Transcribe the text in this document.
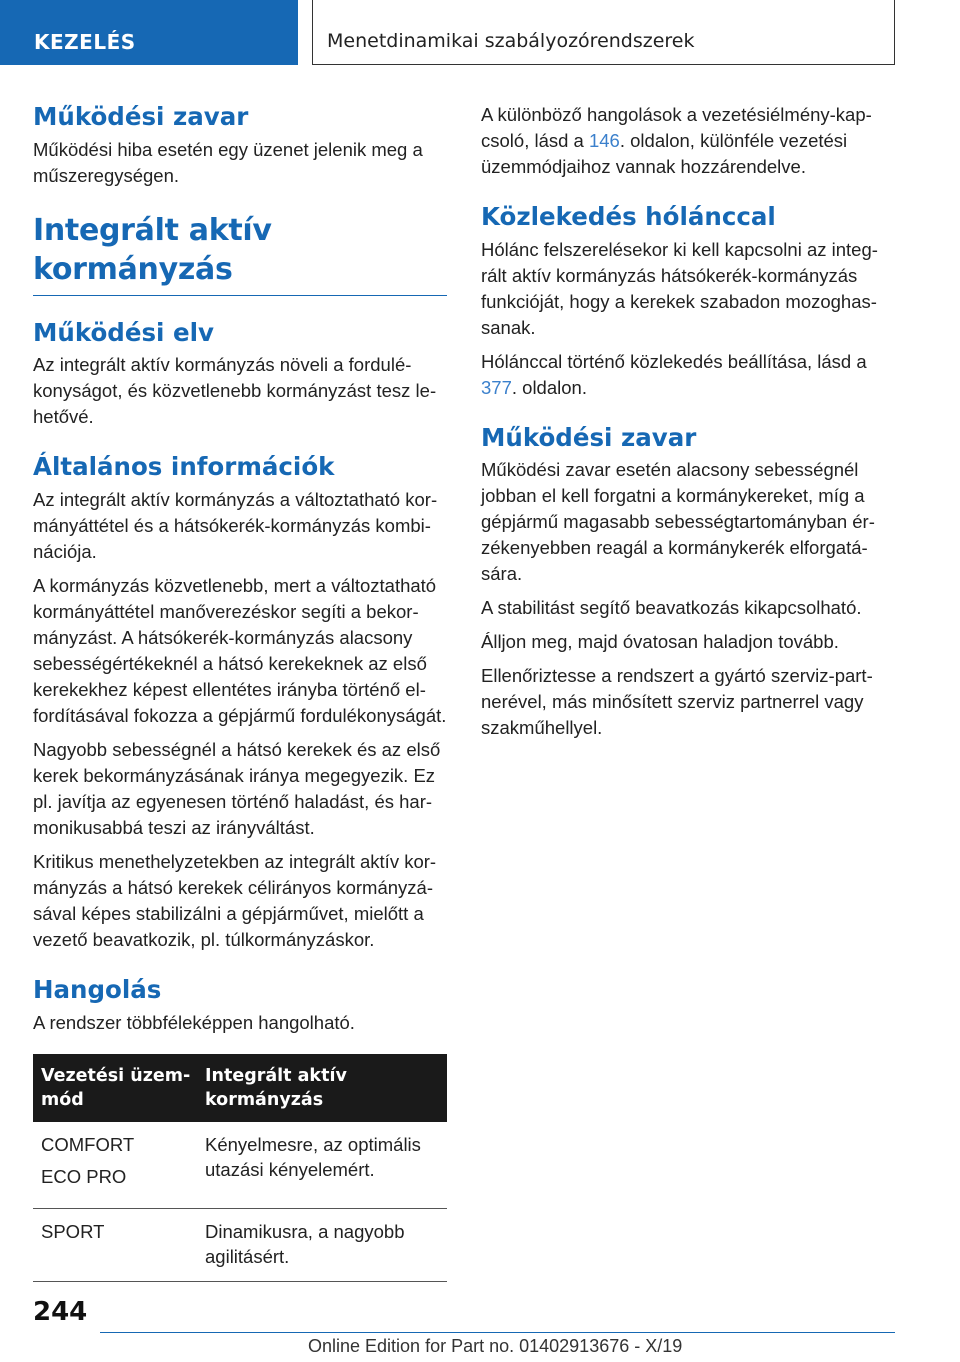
KEZELÉS	Menetdinamikai szabályozórendszerek
Működési zavar

Működési hiba esetén egy üzenet jelenik meg a műszeregységen.

Integrált aktív kormányzás
Működési elv

Az integrált aktív kormányzás növeli a fordulékonyságot, és közvetlenebb kormányzást tesz lehetővé.

Általános információk

Az integrált aktív kormányzás a változtatható kormányáttétel és a hátsókerék-kormányzás kombinációja.

A kormányzás közvetlenebb, mert a változtatható kormányáttétel manőverezéskor segíti a bekormányzást. A hátsókerék-kormányzás alacsony sebességértékeknél a hátsó kerekeknek az első kerekekhez képest ellentétes irányba történő elfordításával fokozza a gépjármű fordulékonyságát.

Nagyobb sebességnél a hátsó kerekek és az első kerek bekormányzásának iránya megegyezik. Ez pl. javítja az egyenesen történő haladást, és harmonikusabbá teszi az irányváltást.

Kritikus menethelyzetekben az integrált aktív kormányzás a hátsó kerekek célirányos kormányzásával képes stabilizálni a gépjárművet, mielőtt a vezető beavatkozik, pl. túlkormányzáskor.

Hangolás

A rendszer többféleképpen hangolható.

Vezetési üzemmód	Integrált aktív kormányzás

COMFORT
ECO PRO	Kényelmesre, az optimális utazási kényelemért.
SPORT	Dinamikusra, a nagyobb agilitásért.

A különböző hangolások a vezetésiélmény-kapcsoló, lásd a 146. oldalon, különféle vezetési üzemmódjaihoz vannak hozzárendelve.

Közlekedés hólánccal

Hólánc felszerelésekor ki kell kapcsolni az integrált aktív kormányzás hátsókerék-kormányzás funkcióját, hogy a kerekek szabadon mozoghassanak.

Hólánccal történő közlekedés beállítása, lásd a 377. oldalon.

Működési zavar

Működési zavar esetén alacsony sebességnél jobban el kell forgatni a kormánykereket, míg a gépjármű magasabb sebességtartományban érzékenyebben reagál a kormánykerék elforgatására.

A stabilitást segítő beavatkozás kikapcsolható.

Álljon meg, majd óvatosan haladjon tovább.

Ellenőriztesse a rendszert a gyártó szerviz-partnerével, más minősített szerviz partnerrel vagy szakműhellyel.

244
Online Edition for Part no. 01402913676 - X/19
